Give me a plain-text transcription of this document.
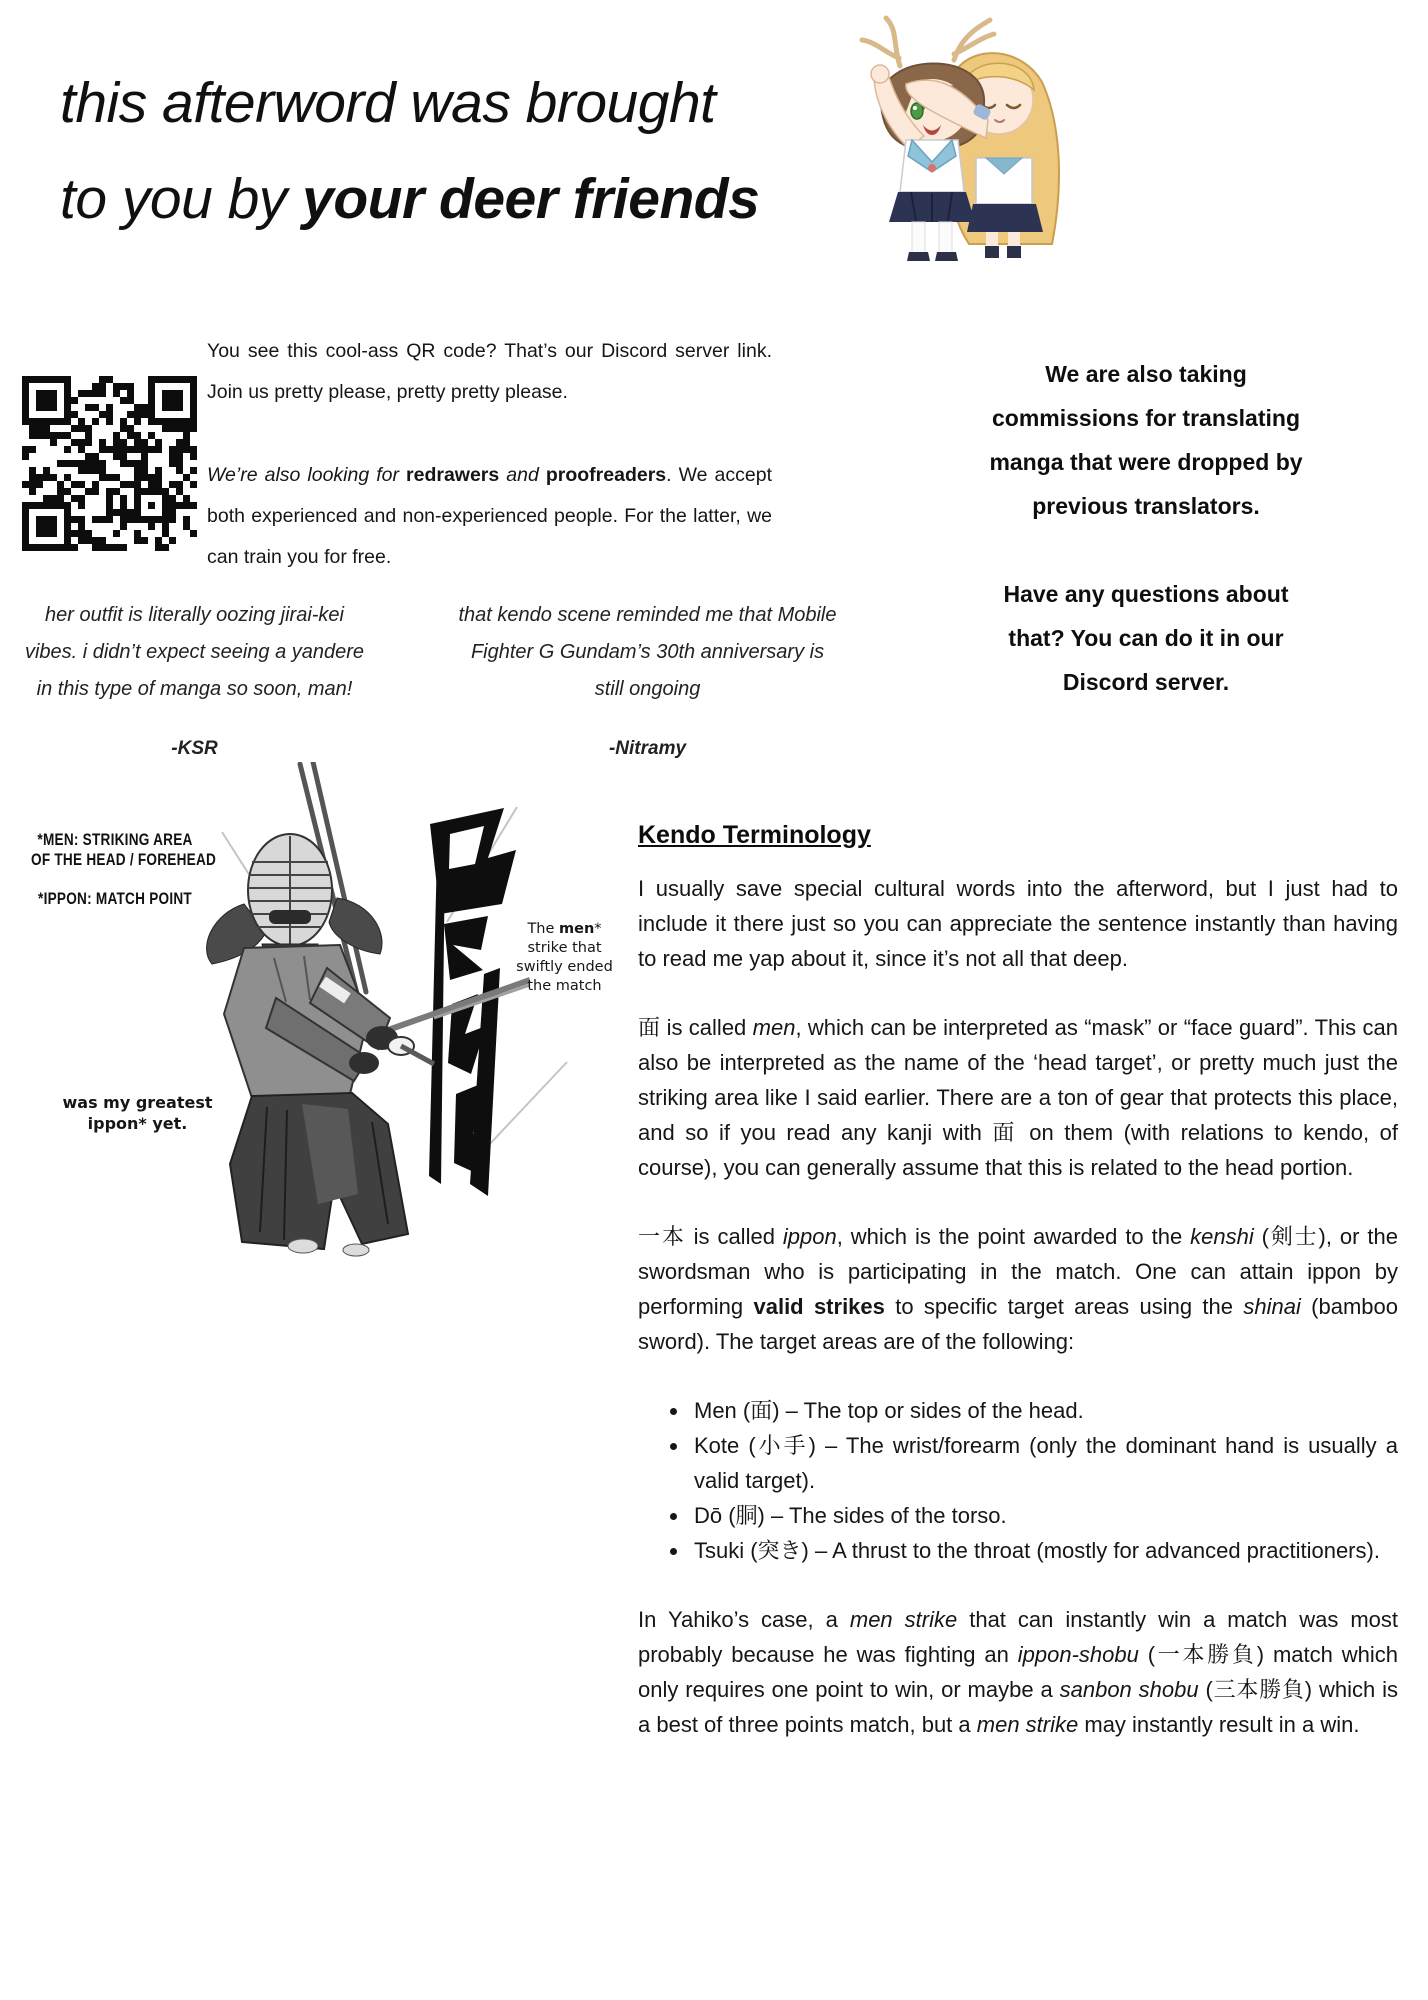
this afterword was brought
to you by your deer friends

You see this cool-ass QR code? That’s our Discord server link. Join us pretty please, pretty pretty please.

We’re also looking for redrawers and proofreaders. We accept both experienced and non-experienced people. For the latter, we can train you for free.

We are also taking commissions for translating manga that were dropped by previous translators.
Have any questions about that? You can do it in our Discord server.
her outfit is literally oozing jirai-kei vibes. i didn’t expect seeing a yandere in this type of manga so soon, man!
-KSR
that kendo scene reminded me that Mobile Fighter G Gundam’s 30th anniversary is still ongoing
-Nitramy
*MEN: STRIKING AREA
OF THE HEAD / FOREHEAD
*IPPON: MATCH POINT
The men* strike that swiftly ended the match
was my greatest ippon* yet.
Kendo Terminology

I usually save special cultural words into the afterword, but I just had to include it there just so you can appreciate the sentence instantly than having to read me yap about it, since it’s not all that deep.

面 is called men, which can be interpreted as “mask” or “face guard”. This can also be interpreted as the name of the ‘head target’, or pretty much just the striking area like I said earlier. There are a ton of gear that protects this place, and so if you read any kanji with 面 on them (with relations to kendo, of course), you can generally assume that this is related to the head portion.

一本 is called ippon, which is the point awarded to the kenshi (剣士), or the swordsman who is participating in the match. One can attain ippon by performing valid strikes to specific target areas using the shinai (bamboo sword). The target areas are of the following:

• Men (面) – The top or sides of the head.
• Kote (小手) – The wrist/forearm (only the dominant hand is usually a valid target).
• Dō (胴) – The sides of the torso.
• Tsuki (突き) – A thrust to the throat (mostly for advanced practitioners).

In Yahiko’s case, a men strike that can instantly win a match was most probably because he was fighting an ippon-shobu (一本勝負) match which only requires one point to win, or maybe a sanbon shobu (三本勝負) which is a best of three points match, but a men strike may instantly result in a win.
